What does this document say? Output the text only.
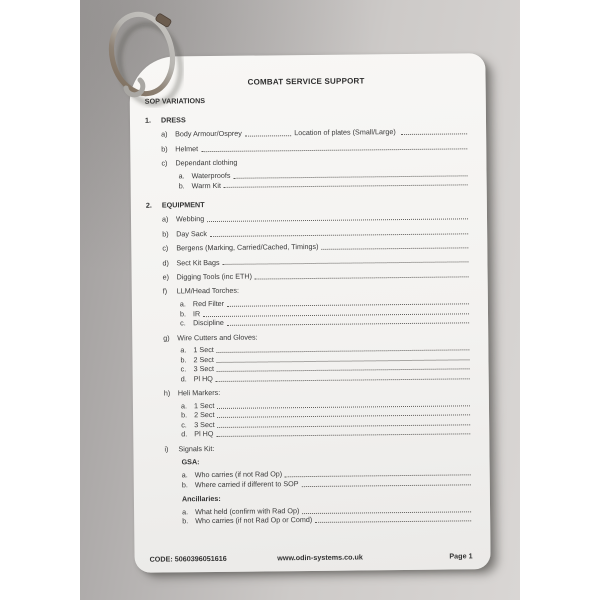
COMBAT SERVICE SUPPORT
SOP VARIATIONS
1.	DRESS
a)	Body Armour/Osprey	Location of plates (Small/Large)
b)	Helmet
c)	Dependant clothing
a. Waterproofs
b. Warm Kit
2.	EQUIPMENT
a)	Webbing
b)	Day Sack
c)	Bergens (Marking, Carried/Cached, Timings)
d)	Sect Kit Bags
e)	Digging Tools (inc ETH)
f)	LLM/Head Torches:
a. Red Filter
b. IR
c.	Discipline
g)	Wire Cutters and Gloves:
a. 1 Sect
b. 2 Sect
c.	3 Sect
d. Pl HQ
h)	Heli Markers:
a. 1 Sect
b. 2 Sect
c.	3 Sect
d. Pl HQ
i)	Signals Kit:
GSA:
a. Who carries (if not Rad Op)
b. Where carried if different to SOP
Ancillaries:
a. What held (confirm with Rad Op)
b. Who carries (if not Rad Op or Comd)
CODE: 5060396051616	www.odin-systems.co.uk	Page 1
